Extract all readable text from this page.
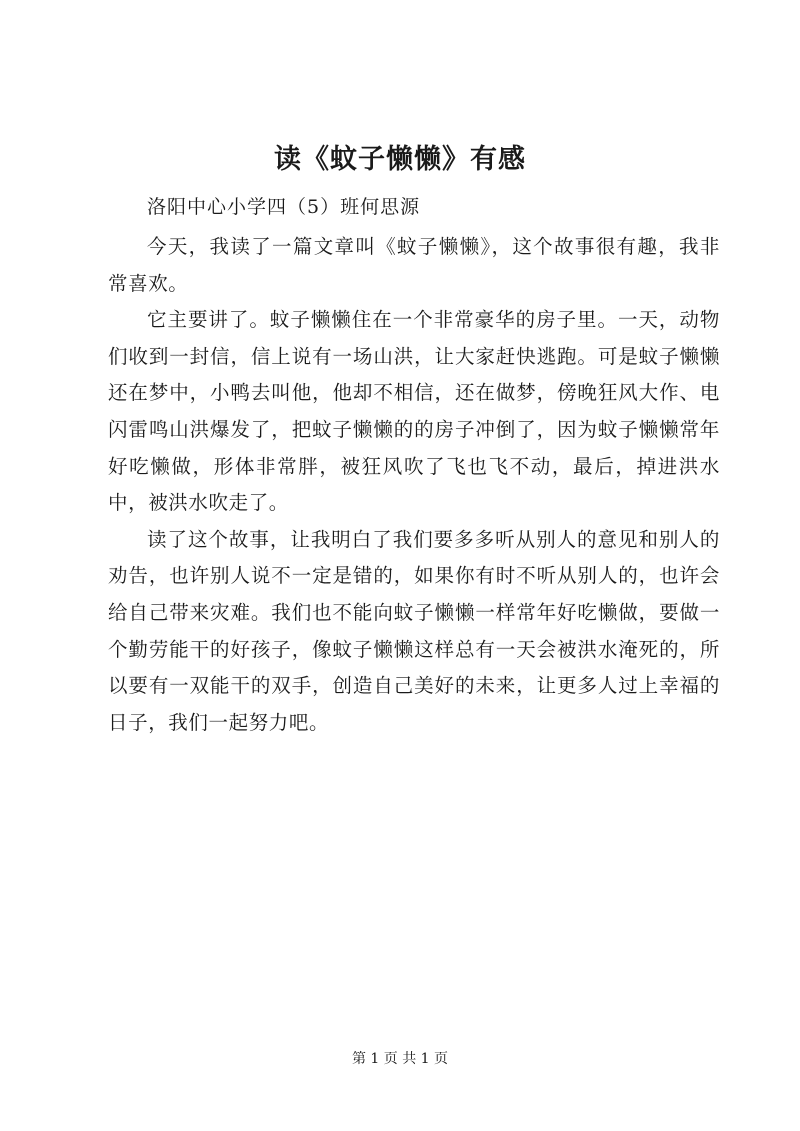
读《蚊子懒懒》有感
洛阳中心小学四（5）班何思源

今天，我读了一篇文章叫《蚊子懒懒》，这个故事很有趣，我非常喜欢。

它主要讲了。蚊子懒懒住在一个非常豪华的房子里。一天，动物们收到一封信，信上说有一场山洪，让大家赶快逃跑。可是蚊子懒懒还在梦中，小鸭去叫他，他却不相信，还在做梦，傍晚狂风大作、电闪雷鸣山洪爆发了，把蚊子懒懒的的房子冲倒了，因为蚊子懒懒常年好吃懒做，形体非常胖，被狂风吹了飞也飞不动，最后，掉进洪水中，被洪水吹走了。

读了这个故事，让我明白了我们要多多听从别人的意见和别人的劝告，也许别人说不一定是错的，如果你有时不听从别人的，也许会给自己带来灾难。我们也不能向蚊子懒懒一样常年好吃懒做，要做一个勤劳能干的好孩子，像蚊子懒懒这样总有一天会被洪水淹死的，所以要有一双能干的双手，创造自己美好的未来，让更多人过上幸福的日子，我们一起努力吧。

第 1 页 共 1 页
